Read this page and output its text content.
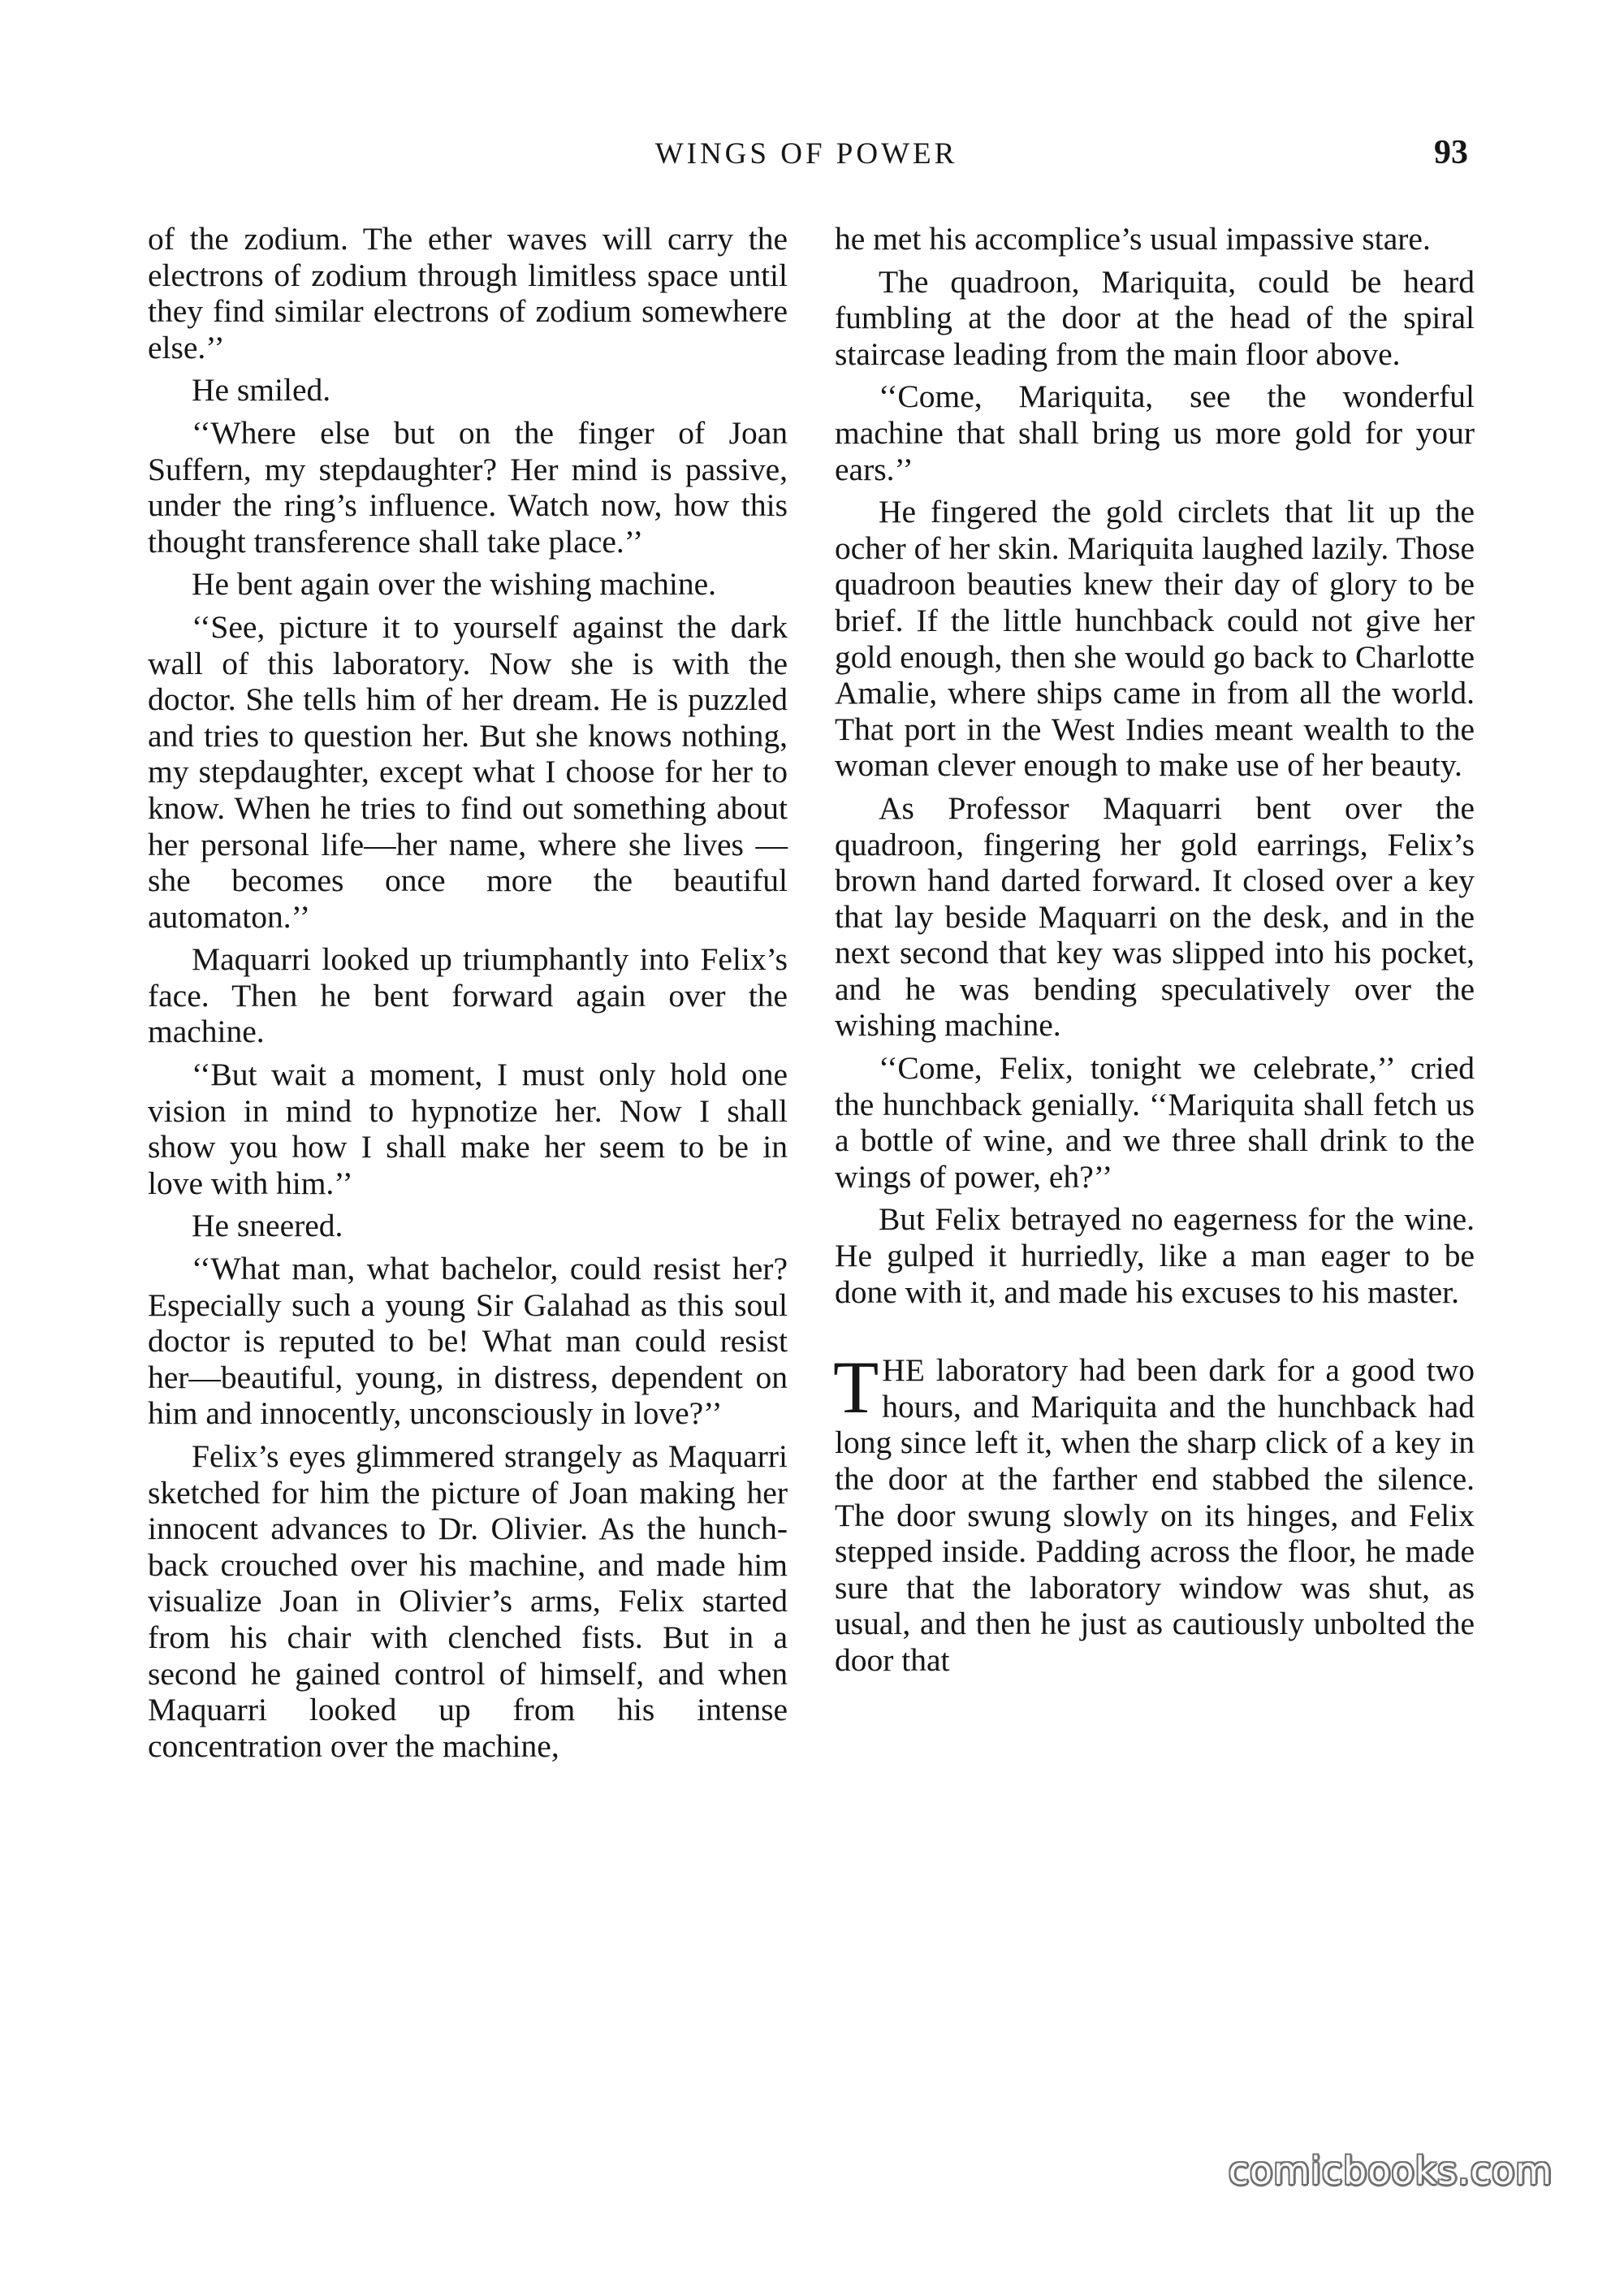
WINGS OF POWER	93

of the zodium. The ether waves will carry the electrons of zodium through limitless space until they find similar electrons of zodium somewhere else.’’

He smiled.

‘‘Where else but on the finger of Joan Suffern, my stepdaughter? Her mind is passive, under the ring’s influence. Watch now, how this thought transference shall take place.’’

He bent again over the wishing machine.

‘‘See, picture it to yourself against the dark wall of this laboratory. Now she is with the doctor. She tells him of her dream. He is puzzled and tries to question her. But she knows nothing, my stepdaughter, except what I choose for her to know. When he tries to find out something about her personal life—her name, where she lives —she becomes once more the beautiful automaton.’’

Maquarri looked up triumphantly into Felix’s face. Then he bent forward again over the machine.

‘‘But wait a moment, I must only hold one vision in mind to hypnotize her. Now I shall show you how I shall make her seem to be in love with him.’’

He sneered.

‘‘What man, what bachelor, could resist her? Especially such a young Sir Galahad as this soul doctor is reputed to be! What man could resist her—beautiful, young, in distress, dependent on him and innocently, unconsciously in love?’’

Felix’s eyes glimmered strangely as Maquarri sketched for him the picture of Joan making her innocent advances to Dr. Olivier. As the hunchback crouched over his machine, and made him visualize Joan in Olivier’s arms, Felix started from his chair with clenched fists. But in a second he gained control of himself, and when Maquarri looked up from his intense concentration over the machine,

he met his accomplice’s usual impassive stare.

The quadroon, Mariquita, could be heard fumbling at the door at the head of the spiral staircase leading from the main floor above.

‘‘Come, Mariquita, see the wonderful machine that shall bring us more gold for your ears.’’

He fingered the gold circlets that lit up the ocher of her skin. Mariquita laughed lazily. Those quadroon beauties knew their day of glory to be brief. If the little hunchback could not give her gold enough, then she would go back to Charlotte Amalie, where ships came in from all the world. That port in the West Indies meant wealth to the woman clever enough to make use of her beauty.

As Professor Maquarri bent over the quadroon, fingering her gold earrings, Felix’s brown hand darted forward. It closed over a key that lay beside Maquarri on the desk, and in the next second that key was slipped into his pocket, and he was bending speculatively over the wishing machine.

‘‘Come, Felix, tonight we celebrate,’’ cried the hunchback genially. ‘‘Mariquita shall fetch us a bottle of wine, and we three shall drink to the wings of power, eh?’’

But Felix betrayed no eagerness for the wine. He gulped it hurriedly, like a man eager to be done with it, and made his excuses to his master.

THE laboratory had been dark for a good two hours, and Mariquita and the hunchback had long since left it, when the sharp click of a key in the door at the farther end stabbed the silence. The door swung slowly on its hinges, and Felix stepped inside. Padding across the floor, he made sure that the laboratory window was shut, as usual, and then he just as cautiously unbolted the door that

comicbooks.com
